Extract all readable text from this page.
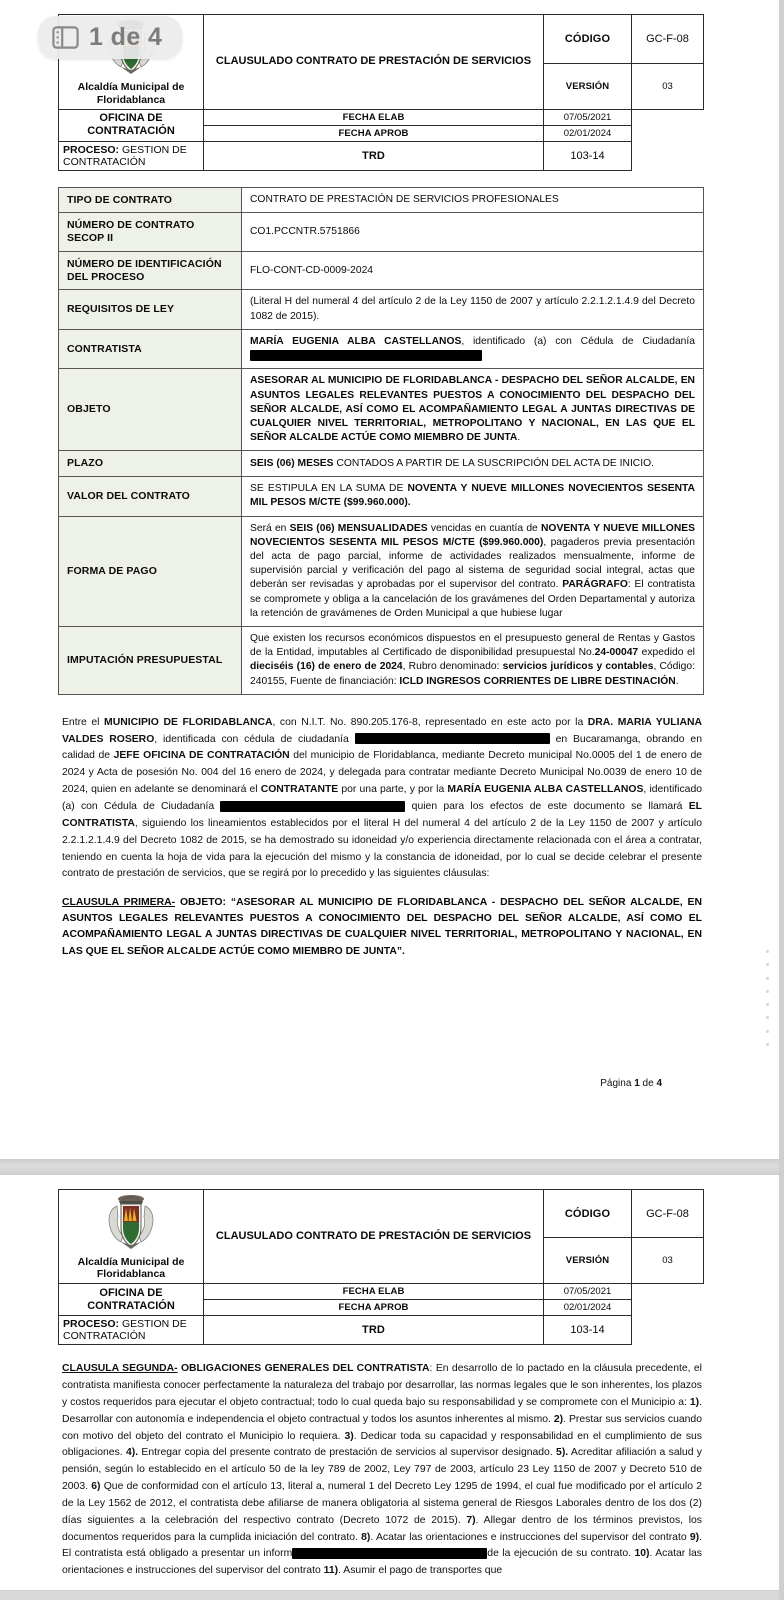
1 de 4
Alcaldía Municipal de
Floridablanca	CLAUSULADO CONTRATO DE PRESTACIÓN DE SERVICIOS	CÓDIGO	GC-F-08
		VERSIÓN	03
OFICINA DE CONTRATACIÓN	FECHA ELAB	07/05/2021	
	FECHA APROB	02/01/2024	
PROCESO: GESTION DE CONTRATACIÓN	TRD	103-14	
TIPO DE CONTRATO	CONTRATO DE PRESTACIÓN DE SERVICIOS PROFESIONALES
NÚMERO DE CONTRATO SECOP II	CO1.PCCNTR.5751866
NÚMERO DE IDENTIFICACIÓN DEL PROCESO	FLO-CONT-CD-0009-2024
REQUISITOS DE LEY	(Literal H del numeral 4 del artículo 2 de la Ley 1150 de 2007 y artículo 2.2.1.2.1.4.9 del Decreto 1082 de 2015).
CONTRATISTA	MARÍA EUGENIA ALBA CASTELLANOS, identificado (a) con Cédula de Ciudadanía
OBJETO	ASESORAR AL MUNICIPIO DE FLORIDABLANCA - DESPACHO DEL SEÑOR ALCALDE, EN ASUNTOS LEGALES RELEVANTES PUESTOS A CONOCIMIENTO DEL DESPACHO DEL SEÑOR ALCALDE, ASÍ COMO EL ACOMPAÑAMIENTO LEGAL A JUNTAS DIRECTIVAS DE CUALQUIER NIVEL TERRITORIAL, METROPOLITANO Y NACIONAL, EN LAS QUE EL SEÑOR ALCALDE ACTÚE COMO MIEMBRO DE JUNTA.
PLAZO	SEIS (06) MESES CONTADOS A PARTIR DE LA SUSCRIPCIÓN DEL ACTA DE INICIO.
VALOR DEL CONTRATO	SE ESTIPULA EN LA SUMA DE NOVENTA Y NUEVE MILLONES NOVECIENTOS SESENTA MIL PESOS M/CTE ($99.960.000).
FORMA DE PAGO	Será en SEIS (06) MENSUALIDADES vencidas en cuantía de NOVENTA Y NUEVE MILLONES NOVECIENTOS SESENTA MIL PESOS M/CTE ($99.960.000), pagaderos previa presentación del acta de pago parcial, informe de actividades realizados mensualmente, informe de supervisión parcial y verificación del pago al sistema de seguridad social integral, actas que deberán ser revisadas y aprobadas por el supervisor del contrato. PARÁGRAFO: El contratista se compromete y obliga a la cancelación de los gravámenes del Orden Departamental y autoriza la retención de gravámenes de Orden Municipal a que hubiese lugar
IMPUTACIÓN PRESUPUESTAL	Que existen los recursos económicos dispuestos en el presupuesto general de Rentas y Gastos de la Entidad, imputables al Certificado de disponibilidad presupuestal No.24-00047 expedido el dieciséis (16) de enero de 2024, Rubro denominado: servicios jurídicos y contables, Código: 240155, Fuente de financiación: ICLD INGRESOS CORRIENTES DE LIBRE DESTINACIÓN.

Entre el MUNICIPIO DE FLORIDABLANCA, con N.I.T. No. 890.205.176-8, representado en este acto por la DRA. MARIA YULIANA VALDES ROSERO, identificada con cédula de ciudadanía	en Bucaramanga, obrando en calidad de JEFE OFICINA DE CONTRATACIÓN del municipio de Floridablanca, mediante Decreto municipal No.0005 del 1 de enero de 2024 y Acta de posesión No. 004 del 16 enero de 2024, y delegada para contratar mediante Decreto Municipal No.0039 de enero 10 de 2024, quien en adelante se denominará el CONTRATANTE por una parte, y por la MARÍA EUGENIA ALBA CASTELLANOS, identificado (a) con Cédula de Ciudadanía	quien para los efectos de este documento se llamará EL CONTRATISTA, siguiendo los lineamientos establecidos por el literal H del numeral 4 del artículo 2 de la Ley 1150 de 2007 y artículo 2.2.1.2.1.4.9 del Decreto 1082 de 2015, se ha demostrado su idoneidad y/o experiencia directamente relacionada con el área a contratar, teniendo en cuenta la hoja de vida para la ejecución del mismo y la constancia de idoneidad, por lo cual se decide celebrar el presente contrato de prestación de servicios, que se regirá por lo precedido y las siguientes cláusulas:

CLAUSULA PRIMERA- OBJETO: “ASESORAR AL MUNICIPIO DE FLORIDABLANCA - DESPACHO DEL SEÑOR ALCALDE, EN ASUNTOS LEGALES RELEVANTES PUESTOS A CONOCIMIENTO DEL DESPACHO DEL SEÑOR ALCALDE, ASÍ COMO EL ACOMPAÑAMIENTO LEGAL A JUNTAS DIRECTIVAS DE CUALQUIER NIVEL TERRITORIAL, METROPOLITANO Y NACIONAL, EN LAS QUE EL SEÑOR ALCALDE ACTÚE COMO MIEMBRO DE JUNTA”.

Página 1 de 4
Alcaldía Municipal de
Floridablanca	CLAUSULADO CONTRATO DE PRESTACIÓN DE SERVICIOS	CÓDIGO	GC-F-08
		VERSIÓN	03
OFICINA DE CONTRATACIÓN	FECHA ELAB	07/05/2021	
	FECHA APROB	02/01/2024	
PROCESO: GESTION DE CONTRATACIÓN	TRD	103-14	

CLAUSULA SEGUNDA- OBLIGACIONES GENERALES DEL CONTRATISTA: En desarrollo de lo pactado en la cláusula precedente, el contratista manifiesta conocer perfectamente la naturaleza del trabajo por desarrollar, las normas legales que le son inherentes, los plazos y costos requeridos para ejecutar el objeto contractual; todo lo cual queda bajo su responsabilidad y se compromete con el Municipio a: 1). Desarrollar con autonomía e independencia el objeto contractual y todos los asuntos inherentes al mismo. 2). Prestar sus servicios cuando con motivo del objeto del contrato el Municipio lo requiera. 3). Dedicar toda su capacidad y responsabilidad en el cumplimiento de sus obligaciones. 4). Entregar copia del presente contrato de prestación de servicios al supervisor designado. 5). Acreditar afiliación a salud y pensión, según lo establecido en el artículo 50 de la ley 789 de 2002, Ley 797 de 2003, artículo 23 Ley 1150 de 2007 y Decreto 510 de 2003. 6) Que de conformidad con el artículo 13, literal a, numeral 1 del Decreto Ley 1295 de 1994, el cual fue modificado por el artículo 2 de la Ley 1562 de 2012, el contratista debe afiliarse de manera obligatoria al sistema general de Riesgos Laborales dentro de los dos (2) días siguientes a la celebración del respectivo contrato (Decreto 1072 de 2015). 7). Allegar dentro de los términos previstos, los documentos requeridos para la cumplida iniciación del contrato. 8). Acatar las orientaciones e instrucciones del supervisor del contrato 9). El contratista está obligado a presentar un inform	de la ejecución de su contrato. 10). Acatar las orientaciones e instrucciones del supervisor del contrato 11). Asumir el pago de transportes que
